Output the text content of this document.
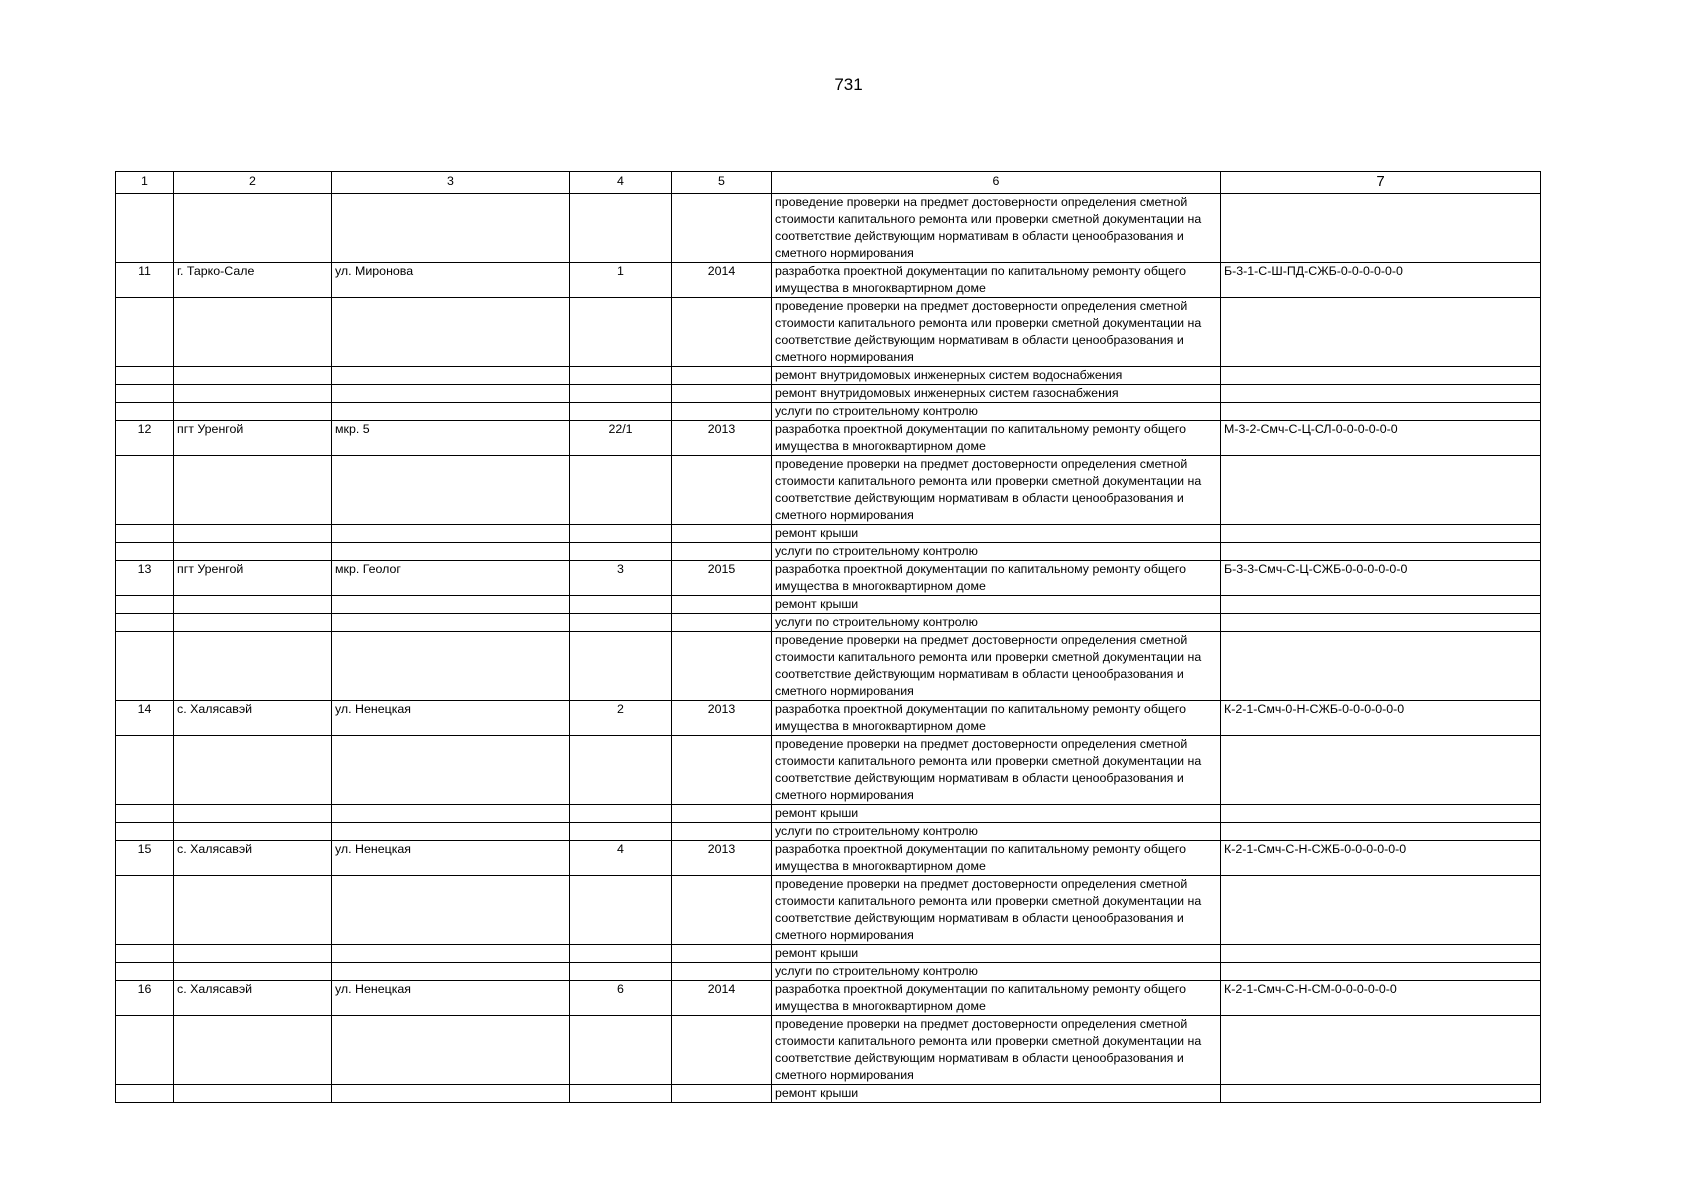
731
1	2	3	4	5	6	7
					проведение проверки на предмет достоверности определения сметной стоимости капитального ремонта или проверки сметной документации на соответствие действующим нормативам в области ценообразования и сметного нормирования	
11	г. Тарко-Сале	ул. Миронова	1	2014	разработка проектной документации по капитальному ремонту общего имущества в многоквартирном доме	Б-3-1-С-Ш-ПД-СЖБ-0-0-0-0-0-0
					проведение проверки на предмет достоверности определения сметной стоимости капитального ремонта или проверки сметной документации на соответствие действующим нормативам в области ценообразования и сметного нормирования	
					ремонт внутридомовых инженерных систем водоснабжения	
					ремонт внутридомовых инженерных систем газоснабжения	
					услуги по строительному контролю	
12	пгт Уренгой	мкр. 5	22/1	2013	разработка проектной документации по капитальному ремонту общего имущества в многоквартирном доме	М-3-2-Смч-С-Ц-СЛ-0-0-0-0-0-0
					проведение проверки на предмет достоверности определения сметной стоимости капитального ремонта или проверки сметной документации на соответствие действующим нормативам в области ценообразования и сметного нормирования	
					ремонт крыши	
					услуги по строительному контролю	
13	пгт Уренгой	мкр. Геолог	3	2015	разработка проектной документации по капитальному ремонту общего имущества в многоквартирном доме	Б-3-3-Смч-С-Ц-СЖБ-0-0-0-0-0-0
					ремонт крыши	
					услуги по строительному контролю	
					проведение проверки на предмет достоверности определения сметной стоимости капитального ремонта или проверки сметной документации на соответствие действующим нормативам в области ценообразования и сметного нормирования	
14	с. Халясавэй	ул. Ненецкая	2	2013	разработка проектной документации по капитальному ремонту общего имущества в многоквартирном доме	К-2-1-Смч-0-Н-СЖБ-0-0-0-0-0-0
					проведение проверки на предмет достоверности определения сметной стоимости капитального ремонта или проверки сметной документации на соответствие действующим нормативам в области ценообразования и сметного нормирования	
					ремонт крыши	
					услуги по строительному контролю	
15	с. Халясавэй	ул. Ненецкая	4	2013	разработка проектной документации по капитальному ремонту общего имущества в многоквартирном доме	К-2-1-Смч-С-Н-СЖБ-0-0-0-0-0-0
					проведение проверки на предмет достоверности определения сметной стоимости капитального ремонта или проверки сметной документации на соответствие действующим нормативам в области ценообразования и сметного нормирования	
					ремонт крыши	
					услуги по строительному контролю	
16	с. Халясавэй	ул. Ненецкая	6	2014	разработка проектной документации по капитальному ремонту общего имущества в многоквартирном доме	К-2-1-Смч-С-Н-СМ-0-0-0-0-0-0
					проведение проверки на предмет достоверности определения сметной стоимости капитального ремонта или проверки сметной документации на соответствие действующим нормативам в области ценообразования и сметного нормирования	
					ремонт крыши	
